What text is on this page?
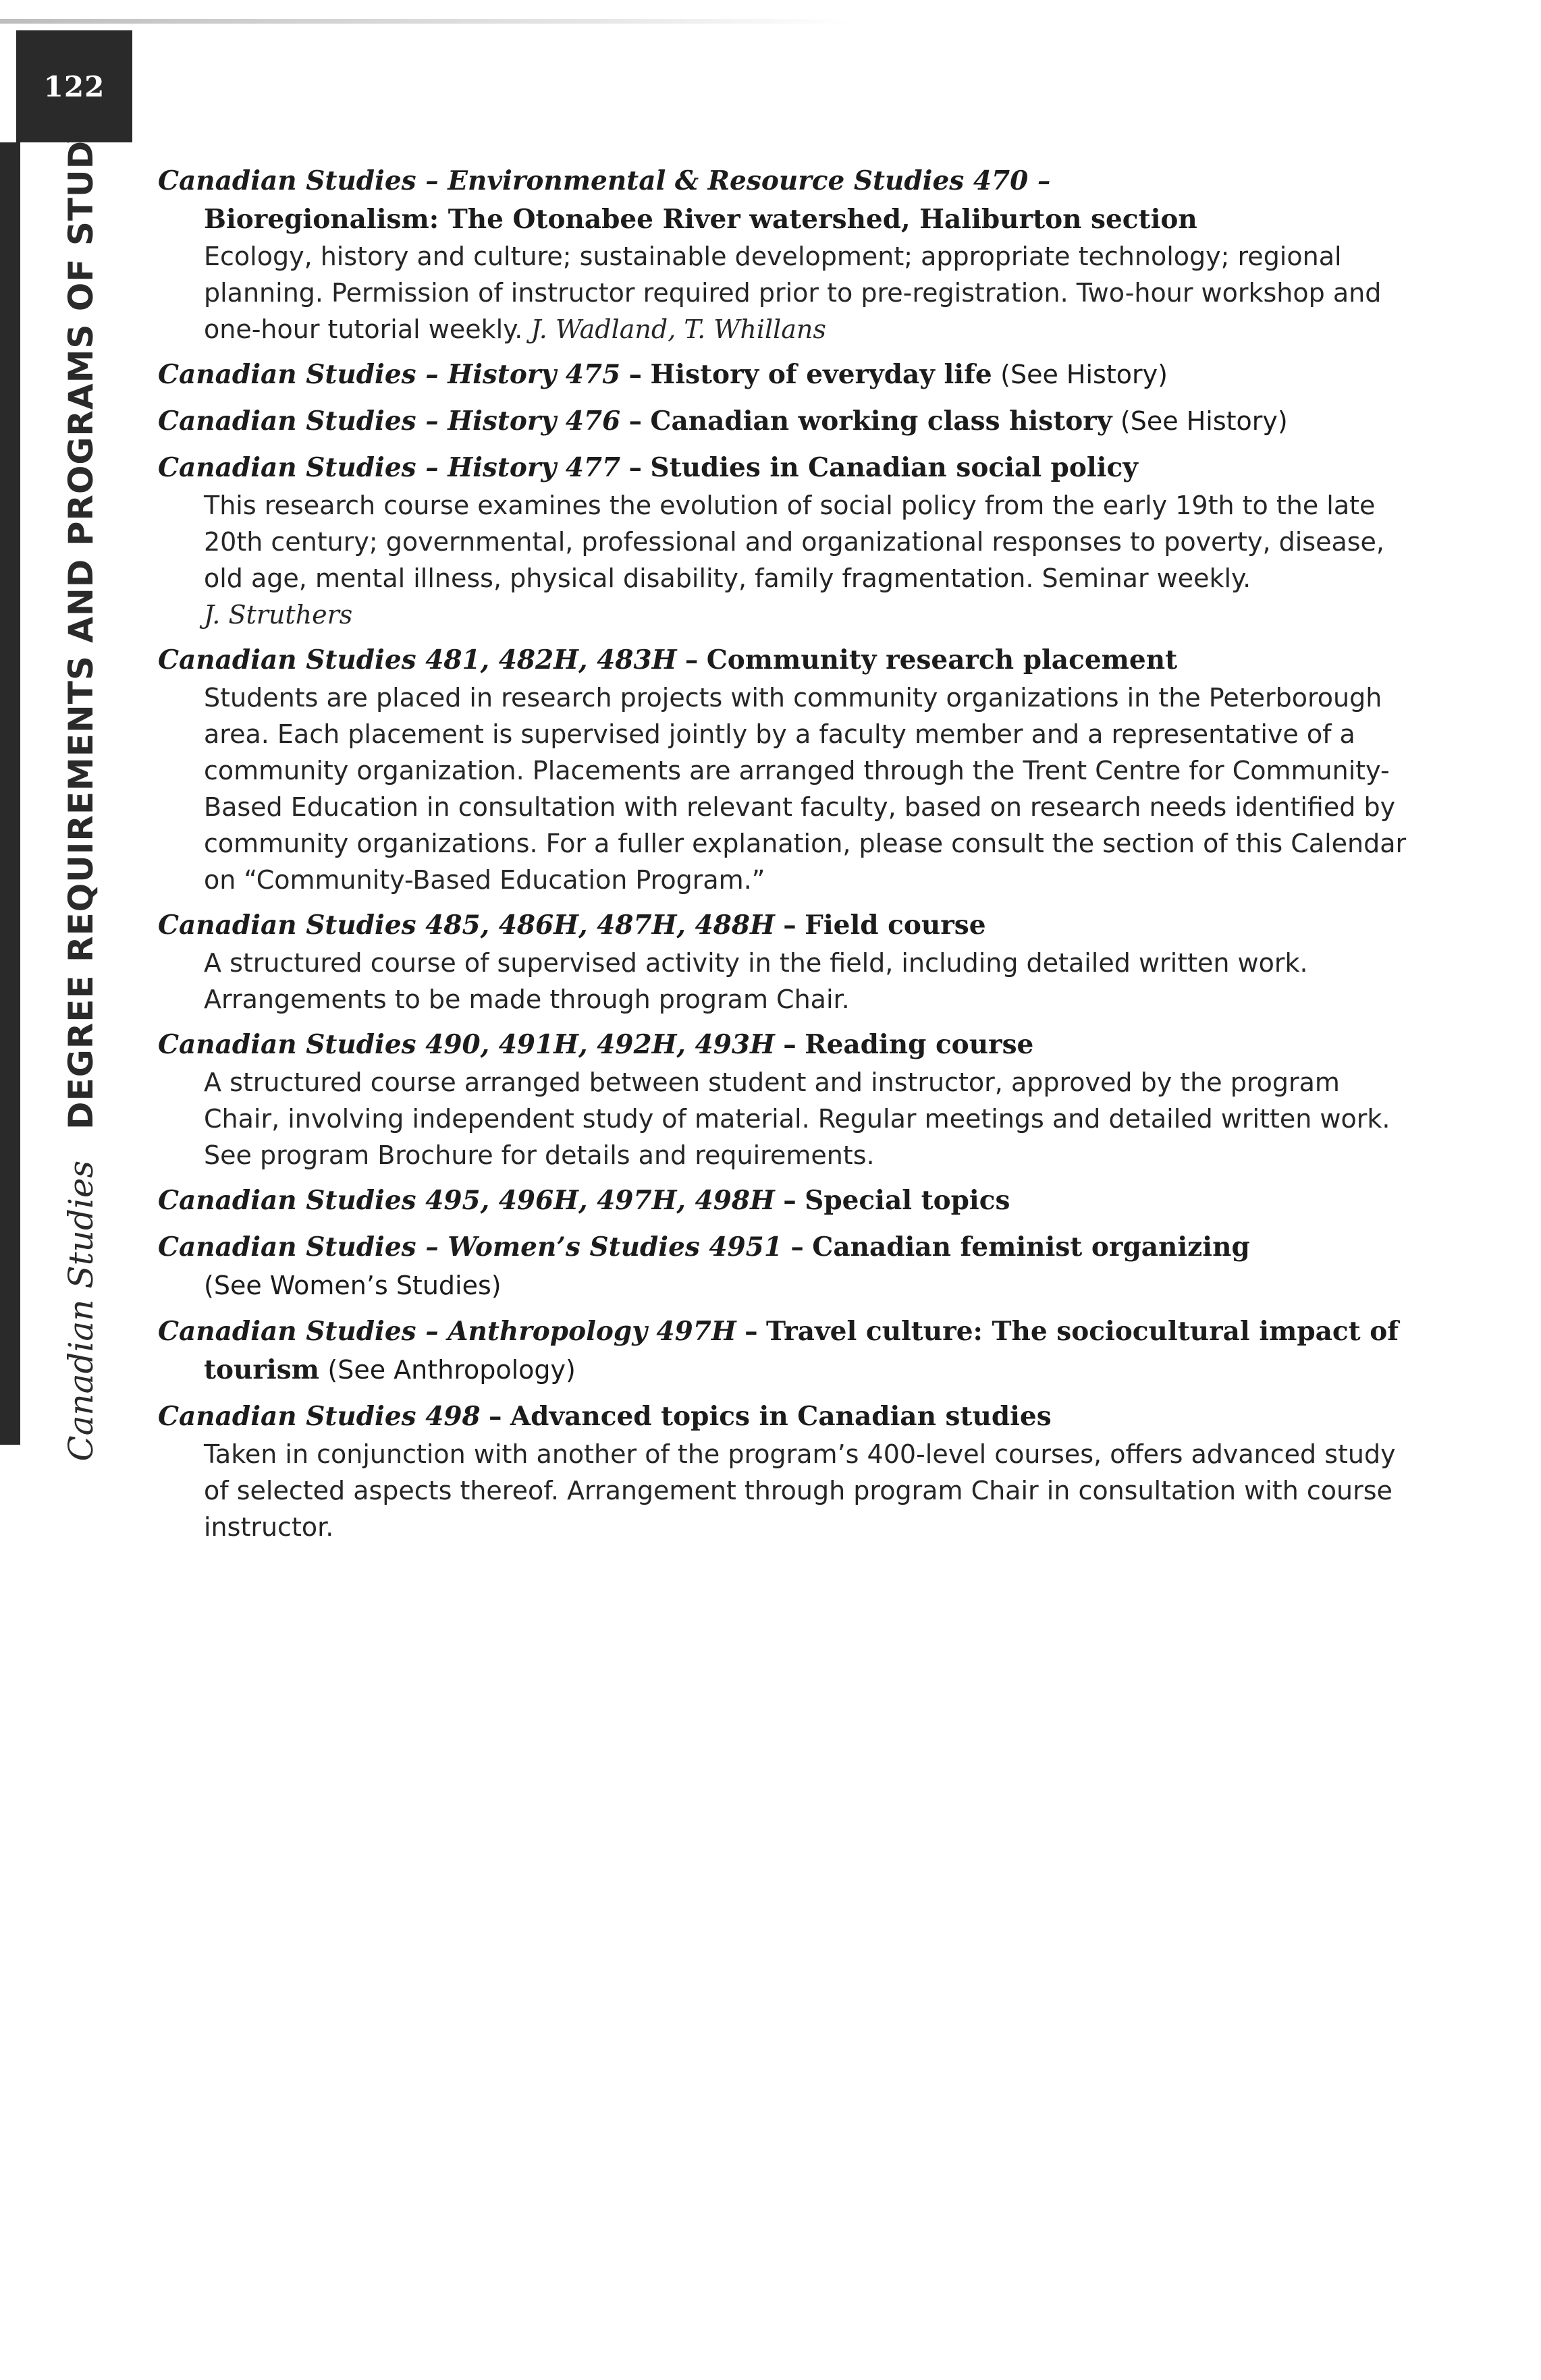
122
Canadian Studies DEGREE REQUIREMENTS AND PROGRAMS OF STUDY Canadian Studies – Environmental & Resource Studies 470 –
Bioregionalism: The Otonabee River watershed, Haliburton section
Ecology, history and culture; sustainable development; appropriate technology; regional planning. Permission of instructor required prior to pre-registration. Two-hour workshop and one-hour tutorial weekly. J. Wadland, T. Whillans
Canadian Studies – History 475 – History of everyday life (See History)
Canadian Studies – History 476 – Canadian working class history (See History)
Canadian Studies – History 477 – Studies in Canadian social policy
This research course examines the evolution of social policy from the early 19th to the late 20th century; governmental, professional and organizational responses to poverty, disease, old age, mental illness, physical disability, family fragmentation. Seminar weekly.
J. Struthers
Canadian Studies 481, 482H, 483H – Community research placement
Students are placed in research projects with community organizations in the Peterborough area. Each placement is supervised jointly by a faculty member and a representative of a community organization. Placements are arranged through the Trent Centre for Community-Based Education in consultation with relevant faculty, based on research needs identified by community organizations. For a fuller explanation, please consult the section of this Calendar on “Community-Based Education Program.”
Canadian Studies 485, 486H, 487H, 488H – Field course
A structured course of supervised activity in the field, including detailed written work. Arrangements to be made through program Chair.
Canadian Studies 490, 491H, 492H, 493H – Reading course
A structured course arranged between student and instructor, approved by the program Chair, involving independent study of material. Regular meetings and detailed written work. See program Brochure for details and requirements.
Canadian Studies 495, 496H, 497H, 498H – Special topics
Canadian Studies – Women’s Studies 4951 – Canadian feminist organizing
(See Women’s Studies)
Canadian Studies – Anthropology 497H – Travel culture: The sociocultural impact of tourism (See Anthropology)
Canadian Studies 498 – Advanced topics in Canadian studies
Taken in conjunction with another of the program’s 400-level courses, offers advanced study of selected aspects thereof. Arrangement through program Chair in consultation with course instructor.
